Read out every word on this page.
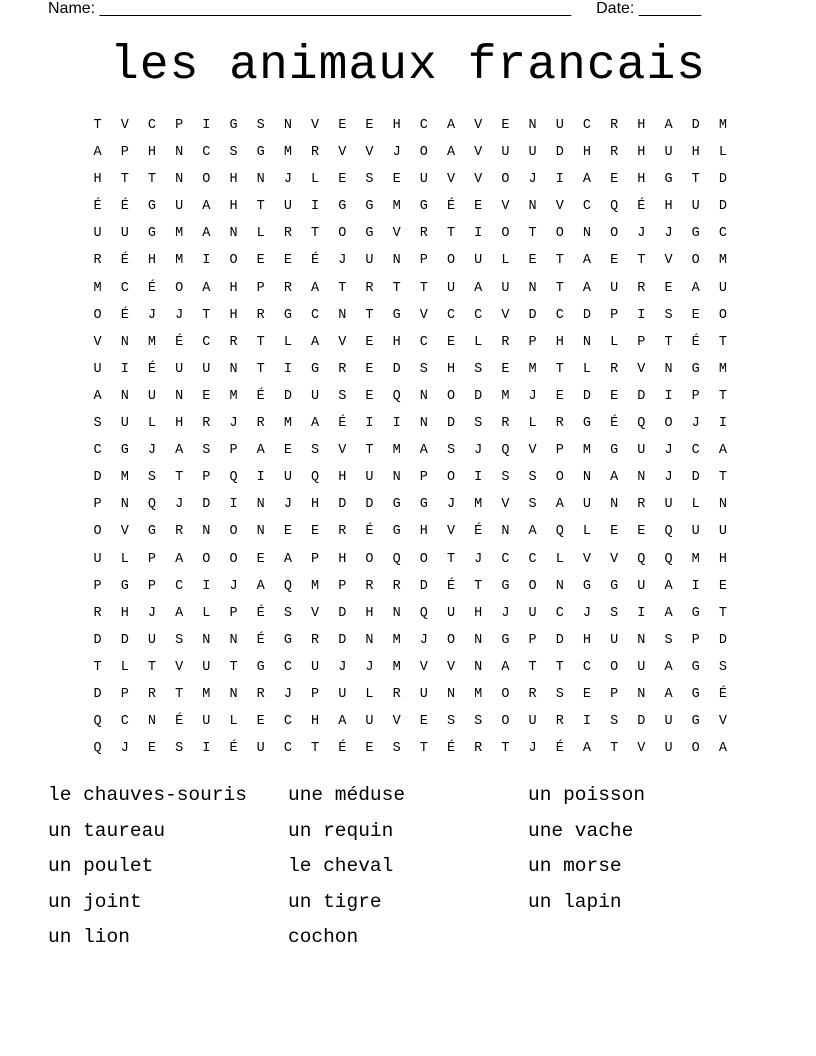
Name: _____________________________________________________ Date: _______
les animaux francais
T	V	C	P	I	G	S	N	V	E	E	H	C	A	V	E	N	U	C	R	H	A	D	M
A	P	H	N	C	S	G	M	R	V	V	J	O	A	V	U	U	D	H	R	H	U	H	L
H	T	T	N	O	H	N	J	L	E	S	E	U	V	V	O	J	I	A	E	H	G	T	D
É	É	G	U	A	H	T	U	I	G	G	M	G	É	E	V	N	V	C	Q	É	H	U	D
U	U	G	M	A	N	L	R	T	O	G	V	R	T	I	O	T	O	N	O	J	J	G	C
R	É	H	M	I	O	E	E	É	J	U	N	P	O	U	L	E	T	A	E	T	V	O	M
M	C	É	O	A	H	P	R	A	T	R	T	T	U	A	U	N	T	A	U	R	E	A	U
O	É	J	J	T	H	R	G	C	N	T	G	V	C	C	V	D	C	D	P	I	S	E	O
V	N	M	É	C	R	T	L	A	V	E	H	C	E	L	R	P	H	N	L	P	T	É	T
U	I	É	U	U	N	T	I	G	R	E	D	S	H	S	E	M	T	L	R	V	N	G	M
A	N	U	N	E	M	É	D	U	S	E	Q	N	O	D	M	J	E	D	E	D	I	P	T
S	U	L	H	R	J	R	M	A	É	I	I	N	D	S	R	L	R	G	É	Q	O	J	I
C	G	J	A	S	P	A	E	S	V	T	M	A	S	J	Q	V	P	M	G	U	J	C	A
D	M	S	T	P	Q	I	U	Q	H	U	N	P	O	I	S	S	O	N	A	N	J	D	T
P	N	Q	J	D	I	N	J	H	D	D	G	G	J	M	V	S	A	U	N	R	U	L	N
O	V	G	R	N	O	N	E	E	R	É	G	H	V	É	N	A	Q	L	E	E	Q	U	U
U	L	P	A	O	O	E	A	P	H	O	Q	O	T	J	C	C	L	V	V	Q	Q	M	H
P	G	P	C	I	J	A	Q	M	P	R	R	D	É	T	G	O	N	G	G	U	A	I	E
R	H	J	A	L	P	É	S	V	D	H	N	Q	U	H	J	U	C	J	S	I	A	G	T
D	D	U	S	N	N	É	G	R	D	N	M	J	O	N	G	P	D	H	U	N	S	P	D
T	L	T	V	U	T	G	C	U	J	J	M	V	V	N	A	T	T	C	O	U	A	G	S
D	P	R	T	M	N	R	J	P	U	L	R	U	N	M	O	R	S	E	P	N	A	G	É
Q	C	N	É	U	L	E	C	H	A	U	V	E	S	S	O	U	R	I	S	D	U	G	V
Q	J	E	S	I	É	U	C	T	É	E	S	T	É	R	T	J	É	A	T	V	U	O	A
le chauves-souris	une méduse	un poisson
un taureau	un requin	une vache
un poulet	le cheval	un morse
un joint	un tigre	un lapin
un lion	cochon
